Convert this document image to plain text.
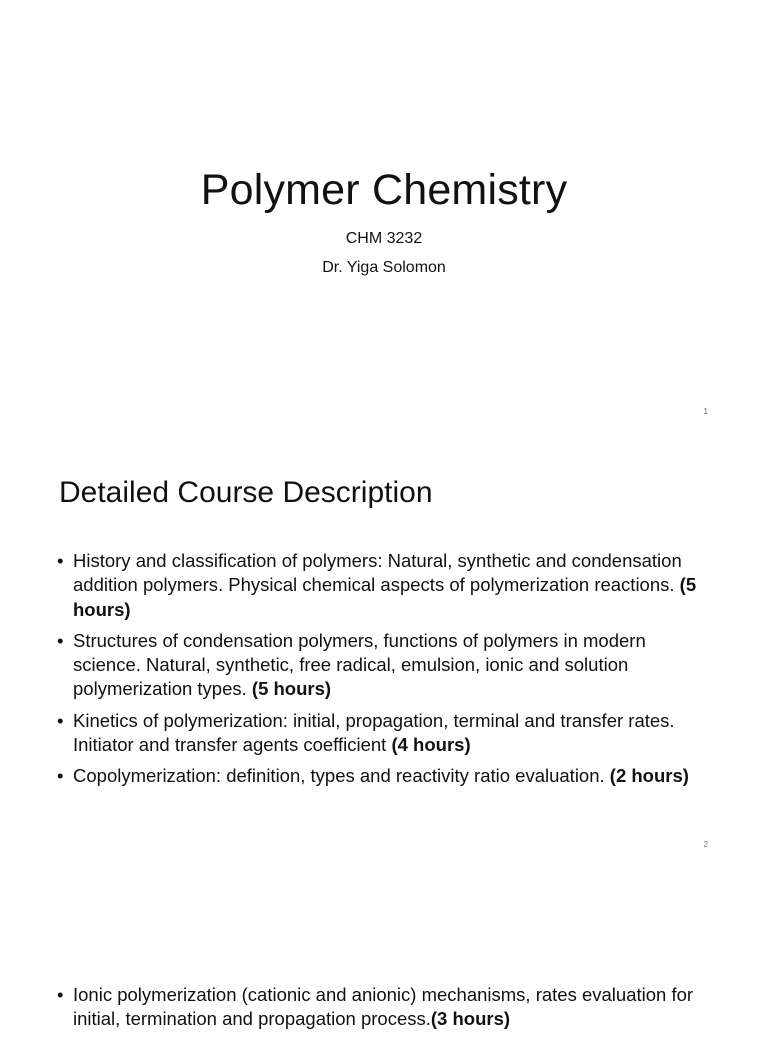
Polymer Chemistry

CHM 3232

Dr. Yiga Solomon

1
Detailed Course Description
• History and classification of polymers: Natural, synthetic and condensation addition polymers. Physical chemical aspects of polymerization reactions. (5 hours)
• Structures of condensation polymers, functions of polymers in modern science. Natural, synthetic, free radical, emulsion, ionic and solution polymerization types. (5 hours)
• Kinetics of polymerization: initial, propagation, terminal and transfer rates. Initiator and transfer agents coefficient (4 hours)
• Copolymerization: definition, types and reactivity ratio evaluation. (2 hours)
2
• Ionic polymerization (cationic and anionic) mechanisms, rates evaluation for initial, termination and propagation process.(3 hours)
